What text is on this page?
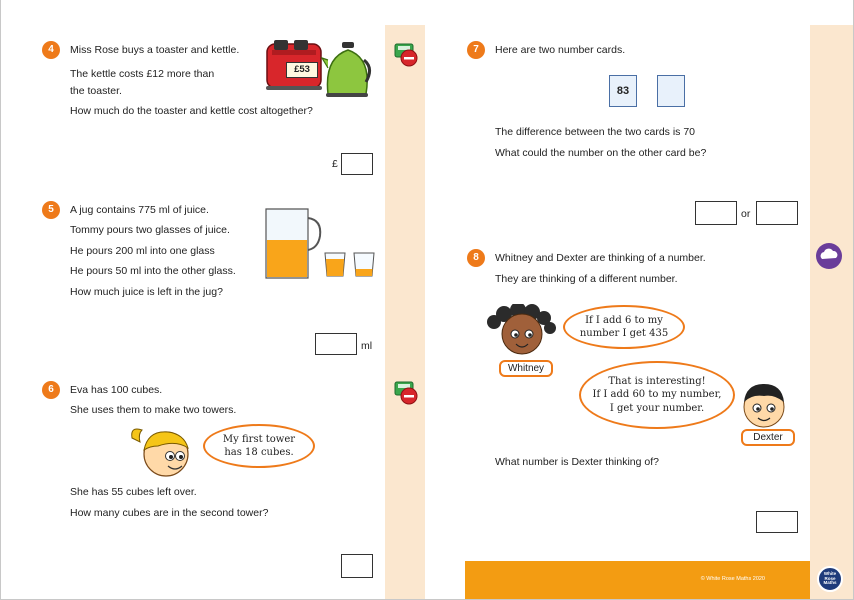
4	Miss Rose buys a toaster and kettle.
The kettle costs £12 more than
the toaster.
How much do the toaster and kettle cost altogether?
£53
£
5	A jug contains 775 ml of juice.
Tommy pours two glasses of juice.
He pours 200 ml into one glass
He pours 50 ml into the other glass.
How much juice is left in the jug?
ml
6	Eva has 100 cubes.
She uses them to make two towers.
My first tower
has 18 cubes.
She has 55 cubes left over.
How many cubes are in the second tower?
7	Here are two number cards.
83
The difference between the two cards is 70
What could the number on the other card be?
or
8	Whitney and Dexter are thinking of a number.
They are thinking of a different number.
If I add 6 to my
number I get 435
Whitney
That is interesting!
If I add 60 to my number,
I get your number.
Dexter
What number is Dexter thinking of?
© White Rose Maths 2020
White
Rose
Maths
